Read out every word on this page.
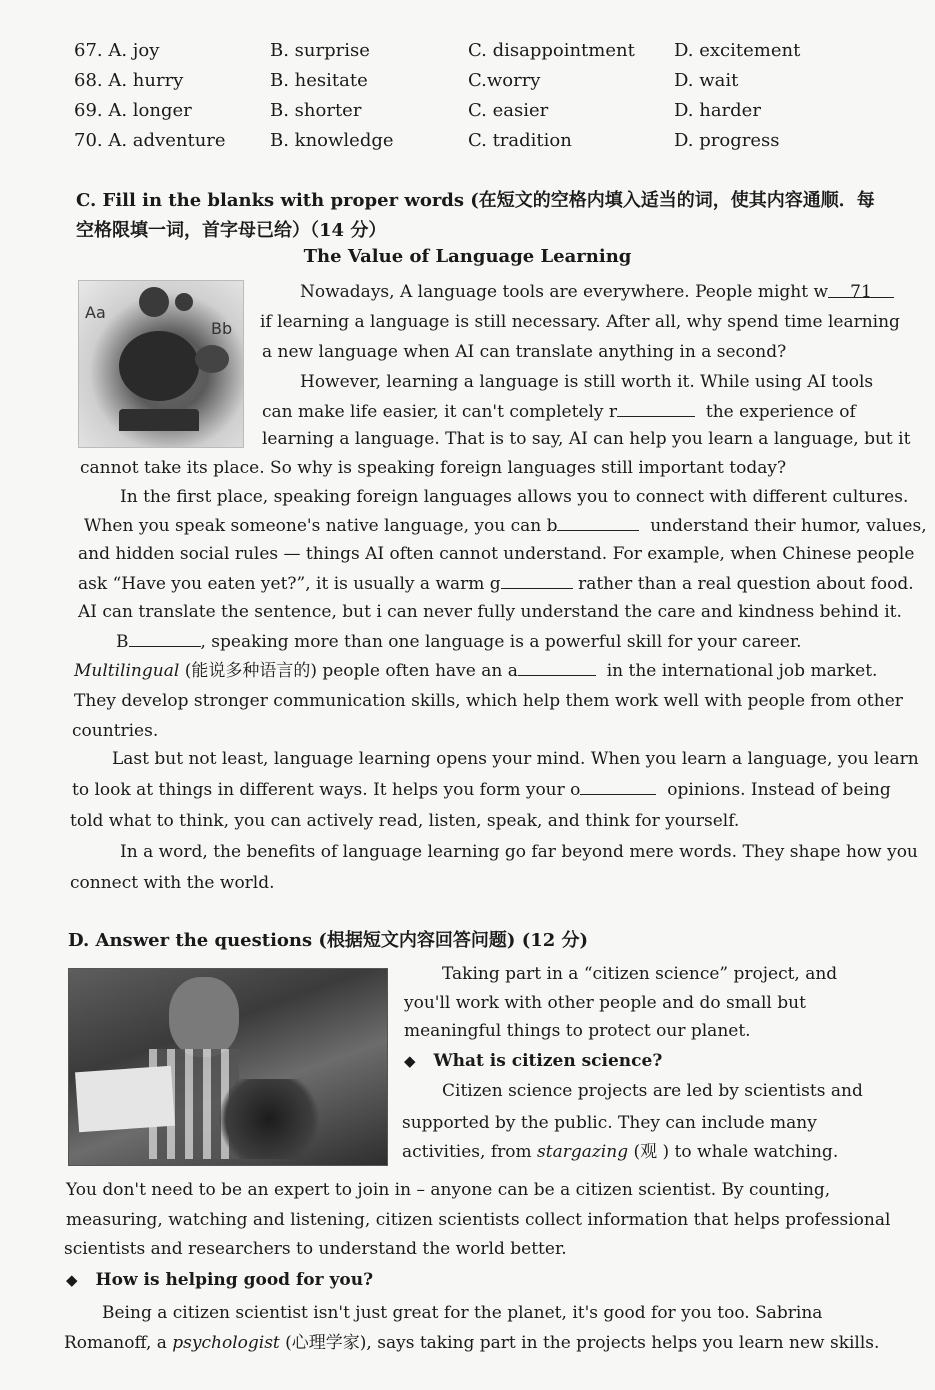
67. A. joy	B. surprise	C. disappointment D. excitement
68. A. hurry	B. hesitate	C.worry	D. wait
69. A. longer	B. shorter	C. easier	D. harder
70. A. adventure B. knowledge	C. tradition	D. progress
C. Fill in the blanks with proper words (在短文的空格内填入适当的词，使其内容通顺．每
空格限填一词，首字母已给）（14 分）
The Value of Language Learning
Aa
Bb
Nowadays, A language tools are everywhere. People might w 71
if learning a language is still necessary. After all, why spend time learning
a new language when AI can translate anything in a second?
However, learning a language is still worth it. While using AI tools
can make life easier, it can't completely r	the experience of
learning a language. That is to say, AI can help you learn a language, but it
cannot take its place. So why is speaking foreign languages still important today?
In the first place, speaking foreign languages allows you to connect with different cultures.
When you speak someone's native language, you can b	understand their humor, values,
and hidden social rules — things AI often cannot understand. For example, when Chinese people
ask “Have you eaten yet?”, it is usually a warm g	rather than a real question about food.
AI can translate the sentence, but i can never fully understand the care and kindness behind it.
B	, speaking more than one language is a powerful skill for your career.
Multilingual (能说多种语言的) people often have an a	in the international job market.
They develop stronger communication skills, which help them work well with people from other
countries.
Last but not least, language learning opens your mind. When you learn a language, you learn
to look at things in different ways. It helps you form your o	opinions. Instead of being
told what to think, you can actively read, listen, speak, and think for yourself.
In a word, the benefits of language learning go far beyond mere words. They shape how you
connect with the world.
D. Answer the questions (根据短文内容回答问题) (12 分)
Taking part in a “citizen science” project, and
you'll work with other people and do small but
meaningful things to protect our planet.
◆ What is citizen science?
Citizen science projects are led by scientists and
supported by the public. They can include many
activities, from stargazing (观 ) to whale watching.
You don't need to be an expert to join in – anyone can be a citizen scientist. By counting,
measuring, watching and listening, citizen scientists collect information that helps professional
scientists and researchers to understand the world better.
◆ How is helping good for you?
Being a citizen scientist isn't just great for the planet, it's good for you too. Sabrina
Romanoff, a psychologist (心理学家), says taking part in the projects helps you learn new skills.
